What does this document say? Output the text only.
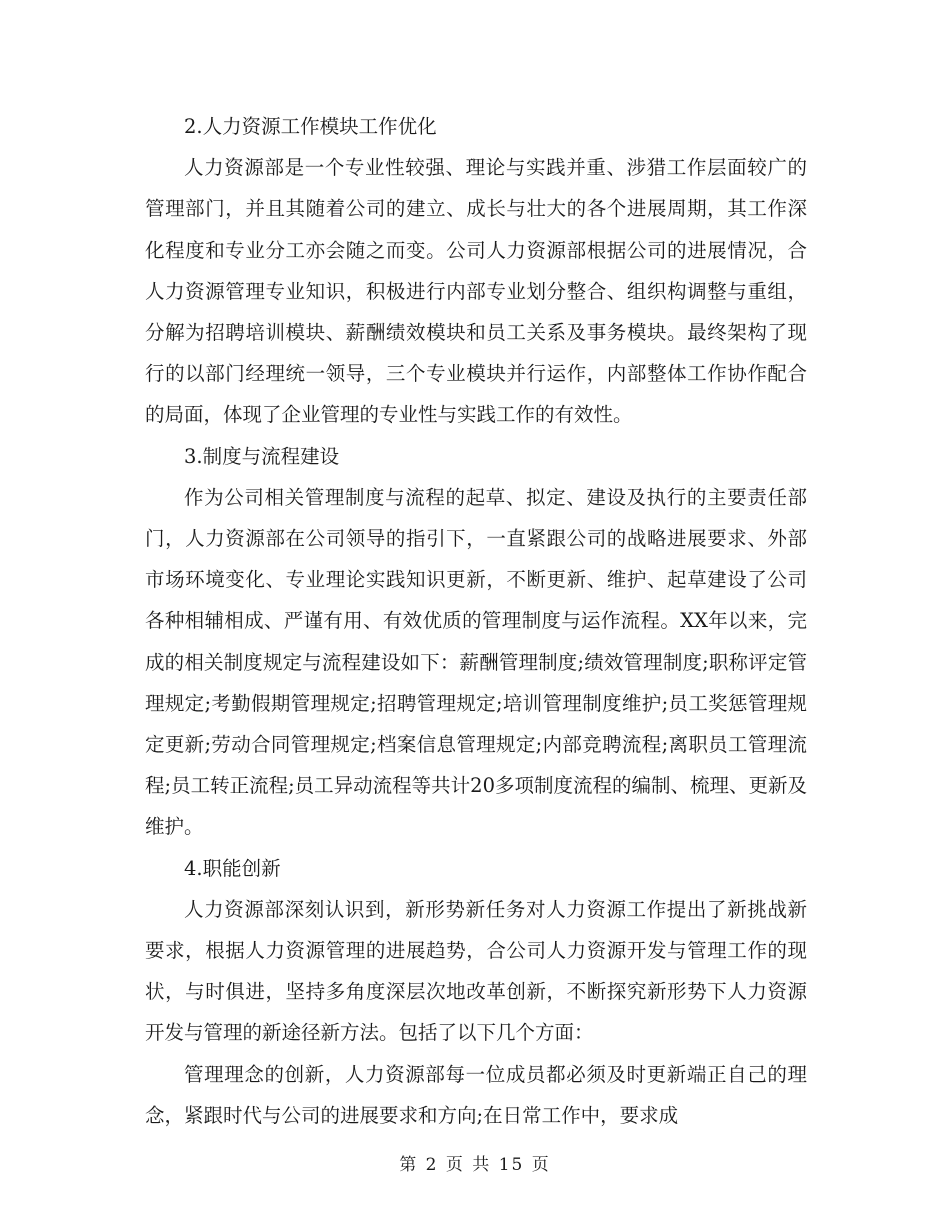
2.人力资源工作模块工作优化

人力资源部是一个专业性较强、理论与实践并重、涉猎工作层面较广的管理部门，并且其随着公司的建立、成长与壮大的各个进展周期，其工作深化程度和专业分工亦会随之而变。公司人力资源部根据公司的进展情况，合人力资源管理专业知识，积极进行内部专业划分整合、组织构调整与重组，分解为招聘培训模块、薪酬绩效模块和员工关系及事务模块。最终架构了现行的以部门经理统一领导，三个专业模块并行运作，内部整体工作协作配合的局面，体现了企业管理的专业性与实践工作的有效性。

3.制度与流程建设

作为公司相关管理制度与流程的起草、拟定、建设及执行的主要责任部门，人力资源部在公司领导的指引下，一直紧跟公司的战略进展要求、外部市场环境变化、专业理论实践知识更新，不断更新、维护、起草建设了公司各种相辅相成、严谨有用、有效优质的管理制度与运作流程。XX年以来，完成的相关制度规定与流程建设如下：薪酬管理制度;绩效管理制度;职称评定管理规定;考勤假期管理规定;招聘管理规定;培训管理制度维护;员工奖惩管理规定更新;劳动合同管理规定;档案信息管理规定;内部竞聘流程;离职员工管理流程;员工转正流程;员工异动流程等共计20多项制度流程的编制、梳理、更新及维护。

4.职能创新

人力资源部深刻认识到，新形势新任务对人力资源工作提出了新挑战新要求，根据人力资源管理的进展趋势，合公司人力资源开发与管理工作的现状，与时俱进，坚持多角度深层次地改革创新，不断探究新形势下人力资源开发与管理的新途径新方法。包括了以下几个方面：

管理理念的创新，人力资源部每一位成员都必须及时更新端正自己的理念，紧跟时代与公司的进展要求和方向;在日常工作中，要求成

第 2 页 共 15 页
